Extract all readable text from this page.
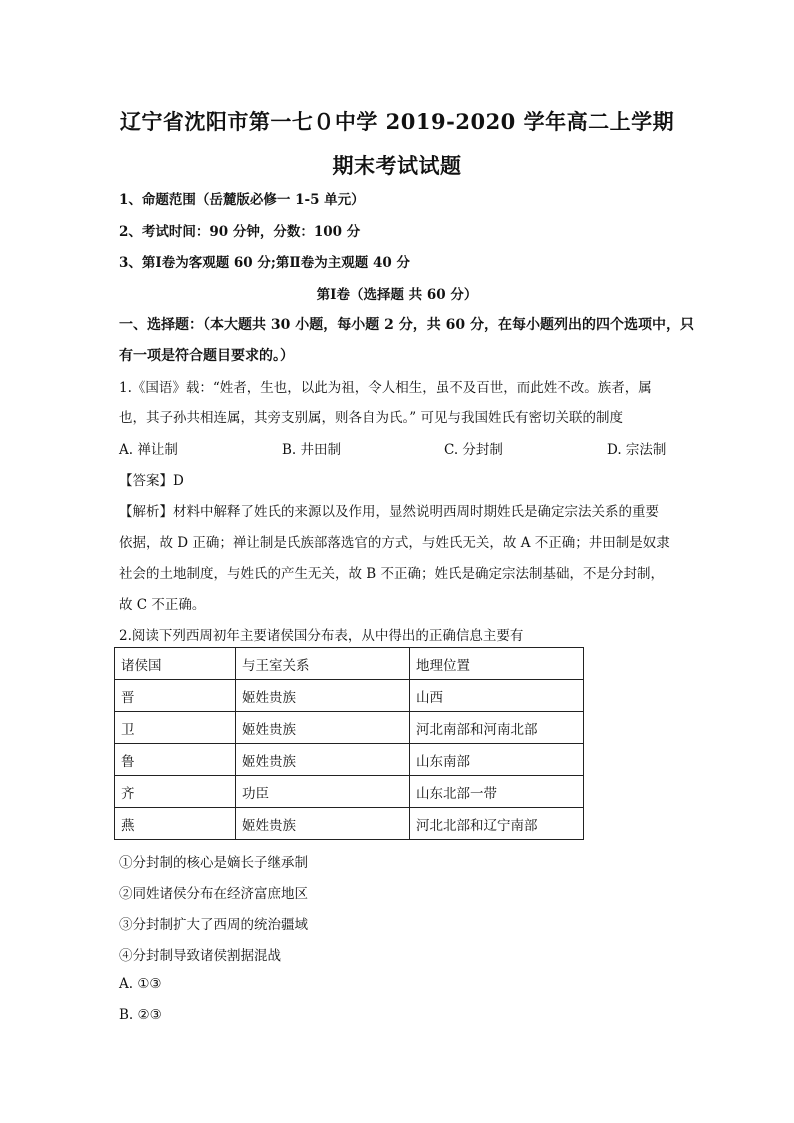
辽宁省沈阳市第一七０中学 2019-2020 学年高二上学期
期末考试试题
1、命题范围（岳麓版必修一 1-5 单元）
2、考试时间：90 分钟，分数：100 分
3、第Ⅰ卷为客观题 60 分;第Ⅱ卷为主观题 40 分
第Ⅰ卷（选择题 共 60 分）
一、选择题：（本大题共 30 小题，每小题 2 分，共 60 分，在每小题列出的四个选项中，只
有一项是符合题目要求的。）
1.《国语》载：“姓者，生也，以此为祖，令人相生，虽不及百世，而此姓不改。族者，属
也，其子孙共相连属，其旁支别属，则各自为氏。” 可见与我国姓氏有密切关联的制度
A. 禅让制	B. 井田制	C. 分封制	D. 宗法制
【答案】D
【解析】材料中解释了姓氏的来源以及作用，显然说明西周时期姓氏是确定宗法关系的重要
依据，故 D 正确；禅让制是氏族部落选官的方式，与姓氏无关，故 A 不正确；井田制是奴隶
社会的土地制度，与姓氏的产生无关，故 B 不正确；姓氏是确定宗法制基础，不是分封制，
故 C 不正确。
2.阅读下列西周初年主要诸侯国分布表，从中得出的正确信息主要有
诸侯国	与王室关系	地理位置
晋	姬姓贵族	山西
卫	姬姓贵族	河北南部和河南北部
鲁	姬姓贵族	山东南部
齐	功臣	山东北部一带
燕	姬姓贵族	河北北部和辽宁南部
①分封制的核心是嫡长子继承制
②同姓诸侯分布在经济富庶地区
③分封制扩大了西周的统治疆域
④分封制导致诸侯割据混战
A. ①③
B. ②③
